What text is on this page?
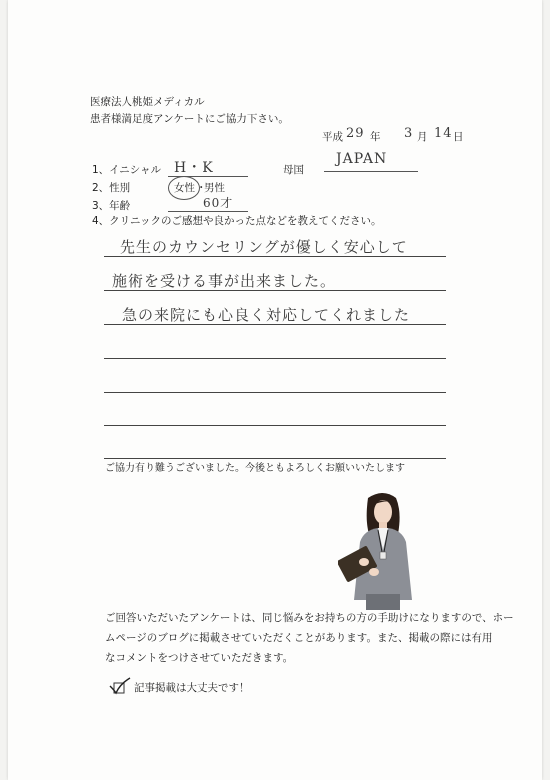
医療法人桃姫メディカル
患者様満足度アンケートにご協力下さい。
平成 29 年 3 月 14 日
1、イニシャル H・K	母国
JAPAN
2、性別	女性 ・
男性
3、年齢	60才
4、クリニックのご感想や良かった点などを教えてください。
先生のカウンセリングが優しく安心して
施術を受ける事が出来ました。
急の来院にも心良く対応してくれました
ご協力有り難うございました。今後ともよろしくお願いいたします
ご回答いただいたアンケートは、同じ悩みをお持ちの方の手助けになりますので、ホー
ムページのブログに掲載させていただくことがあります。また、掲載の際には有用
なコメントをつけさせていただきます。
記事掲載は大丈夫です！
